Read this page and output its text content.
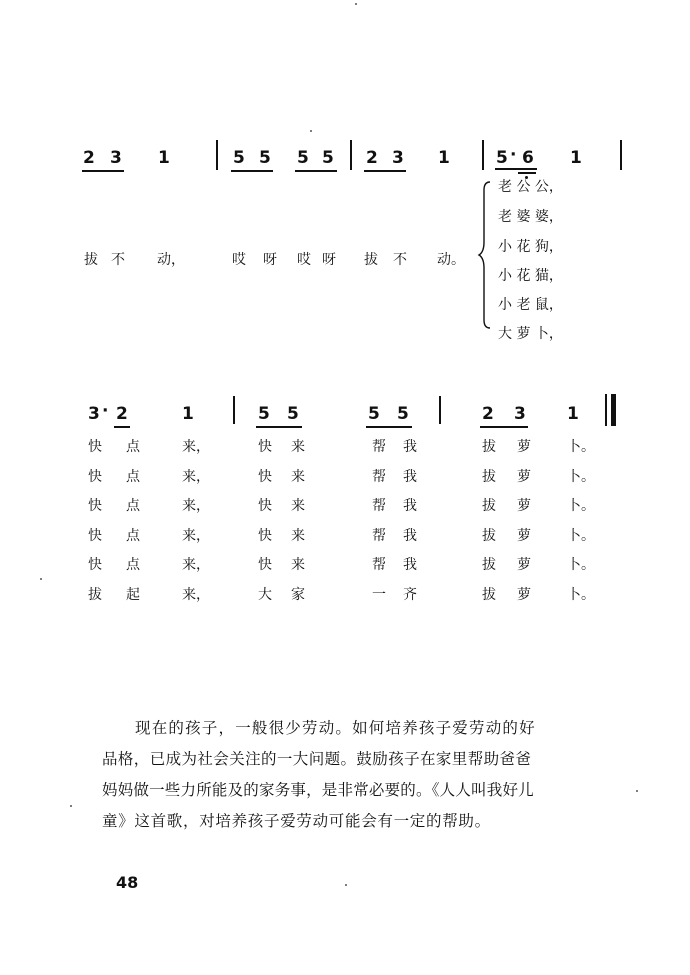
2 3 1	5 5 5 5 2 3 1	5 · 6 1
拔 不 动，	哎 呀 哎 呀 拔 不 动。
老 公 公，
老 婆 婆，
小 花 狗，
小 花 猫，
小 老 鼠，
大 萝 卜，
3 · 2	1	5 5	5 5	2 3 1
快 点	来，	快 来	帮 我	拔 萝	卜。
快 点	来，	快 来	帮 我	拔 萝	卜。
快 点	来，	快 来	帮 我	拔 萝	卜。
快 点	来，	快 来	帮 我	拔 萝	卜。
快 点	来，	快 来	帮 我	拔 萝	卜。
拔 起	来，	大 家	一 齐	拔 萝	卜。
现在的孩子，一般很少劳动。如何培养孩子爱劳动的好
品格，已成为社会关注的一大问题。鼓励孩子在家里帮助爸爸
妈妈做一些力所能及的家务事，是非常必要的。《人人叫我好儿
童》这首歌，对培养孩子爱劳动可能会有一定的帮助。
48
